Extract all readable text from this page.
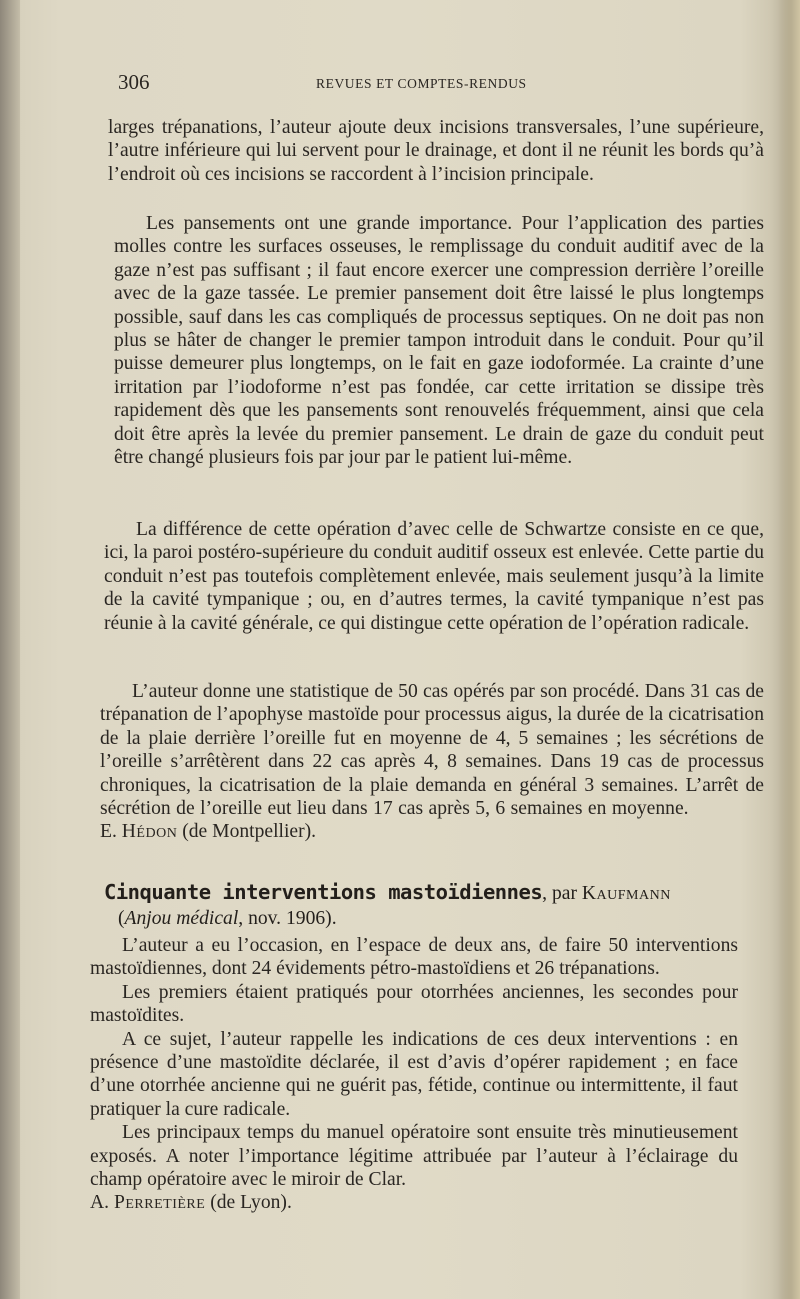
306	REVUES ET COMPTES-RENDUS

larges trépanations, l’auteur ajoute deux incisions transversales, l’une supérieure, l’autre inférieure qui lui servent pour le drainage, et dont il ne réunit les bords qu’à l’endroit où ces incisions se raccordent à l’incision principale.

Les pansements ont une grande importance. Pour l’application des parties molles contre les surfaces osseuses, le remplissage du conduit auditif avec de la gaze n’est pas suffisant ; il faut encore exercer une compression derrière l’oreille avec de la gaze tassée. Le premier pansement doit être laissé le plus longtemps possible, sauf dans les cas compliqués de processus septiques. On ne doit pas non plus se hâter de changer le premier tampon introduit dans le conduit. Pour qu’il puisse demeurer plus longtemps, on le fait en gaze iodoformée. La crainte d’une irritation par l’iodoforme n’est pas fondée, car cette irritation se dissipe très rapidement dès que les pansements sont renouvelés fréquemment, ainsi que cela doit être après la levée du premier pansement. Le drain de gaze du conduit peut être changé plusieurs fois par jour par le patient lui-même.

La différence de cette opération d’avec celle de Schwartze consiste en ce que, ici, la paroi postéro-supérieure du conduit auditif osseux est enlevée. Cette partie du conduit n’est pas toutefois complètement enlevée, mais seulement jusqu’à la limite de la cavité tympanique ; ou, en d’autres termes, la cavité tympanique n’est pas réunie à la cavité générale, ce qui distingue cette opération de l’opération radicale.

L’auteur donne une statistique de 50 cas opérés par son procédé. Dans 31 cas de trépanation de l’apophyse mastoïde pour processus aigus, la durée de la cicatrisation de la plaie derrière l’oreille fut en moyenne de 4, 5 semaines ; les sécrétions de l’oreille s’arrêtèrent dans 22 cas après 4, 8 semaines. Dans 19 cas de processus chroniques, la cicatrisation de la plaie demanda en général 3 semaines. L’arrêt de sécrétion de l’oreille eut lieu dans 17 cas après 5, 6 semaines en moyenne.  E. Hédon (de Montpellier).

Cinquante interventions mastoïdiennes, par Kaufmann
(Anjou médical, nov. 1906).

L’auteur a eu l’occasion, en l’espace de deux ans, de faire 50 interventions mastoïdiennes, dont 24 évidements pétro-mastoïdiens et 26 trépanations.

Les premiers étaient pratiqués pour otorrhées anciennes, les secondes pour mastoïdites.

A ce sujet, l’auteur rappelle les indications de ces deux interventions : en présence d’une mastoïdite déclarée, il est d’avis d’opérer rapidement ; en face d’une otorrhée ancienne qui ne guérit pas, fétide, continue ou intermittente, il faut pratiquer la cure radicale.

Les principaux temps du manuel opératoire sont ensuite très minutieusement exposés. A noter l’importance légitime attribuée par l’auteur à l’éclairage du champ opératoire avec le miroir de Clar.

A. Perretière (de Lyon).
